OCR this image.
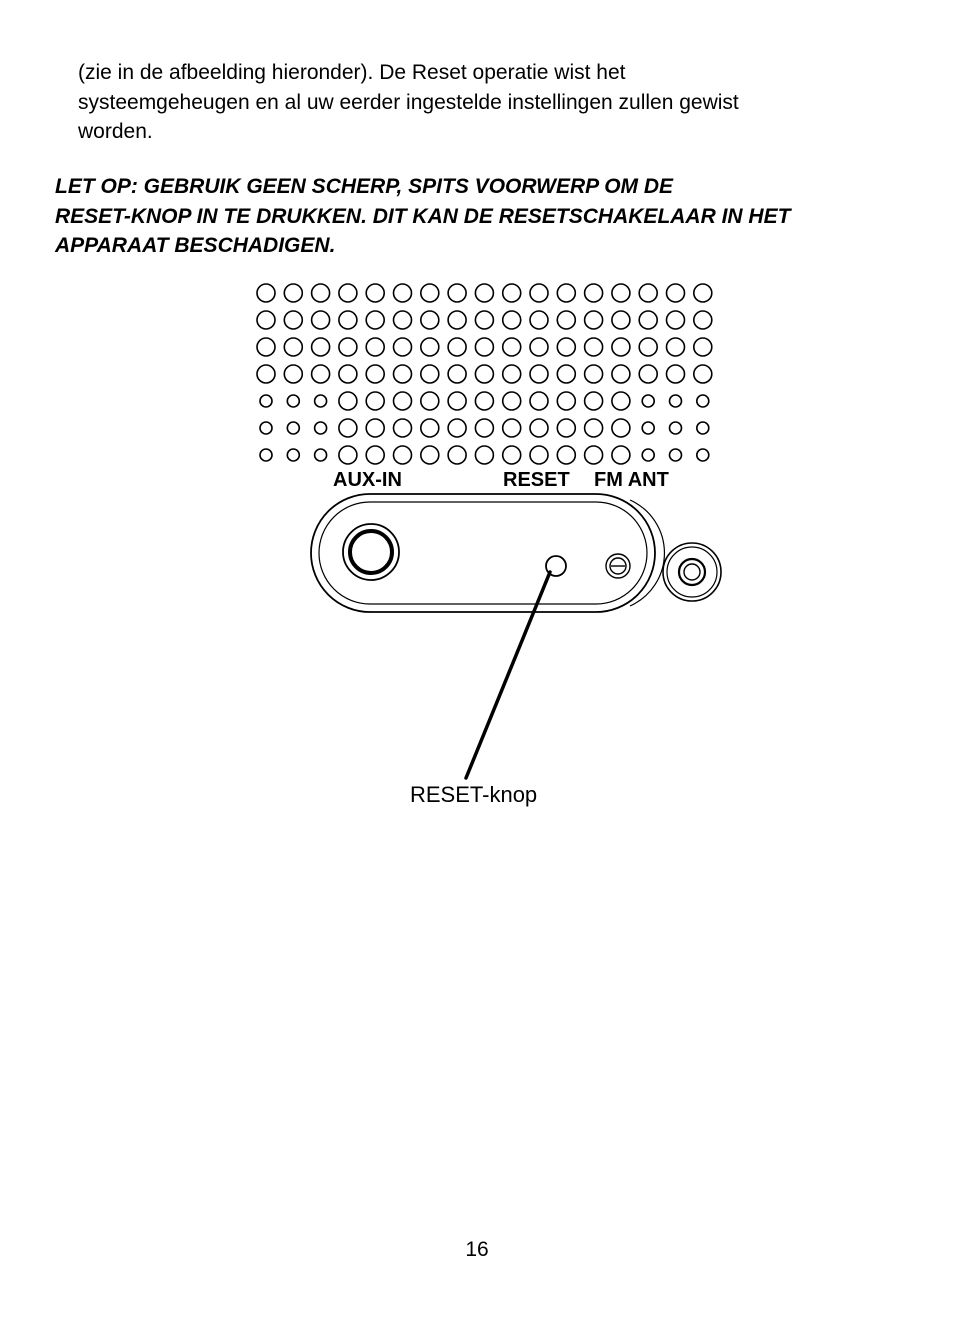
(zie in de afbeelding hieronder). De Reset operatie wist het
systeemgeheugen en al uw eerder ingestelde instellingen zullen gewist
worden.
LET OP: GEBRUIK GEEN SCHERP, SPITS VOORWERP OM DE
RESET-KNOP IN TE DRUKKEN. DIT KAN DE RESETSCHAKELAAR IN HET
APPARAAT BESCHADIGEN.
AUX-IN	RESET FM ANT
RESET-knop
16
